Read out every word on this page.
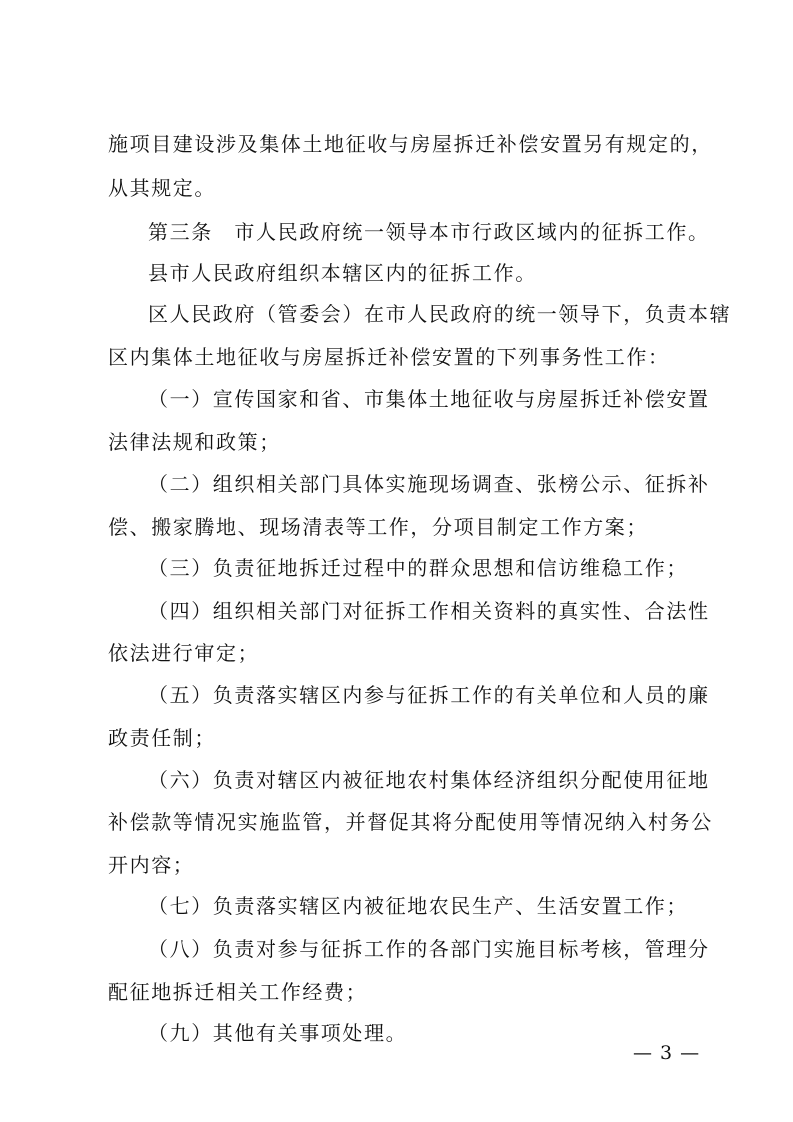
施项目建设涉及集体土地征收与房屋拆迁补偿安置另有规定的，
从其规定。
第三条　市人民政府统一领导本市行政区域内的征拆工作。
县市人民政府组织本辖区内的征拆工作。
区人民政府（管委会）在市人民政府的统一领导下，负责本辖
区内集体土地征收与房屋拆迁补偿安置的下列事务性工作：
（一）宣传国家和省、市集体土地征收与房屋拆迁补偿安置
法律法规和政策；
（二）组织相关部门具体实施现场调查、张榜公示、征拆补
偿、搬家腾地、现场清表等工作，分项目制定工作方案；
（三）负责征地拆迁过程中的群众思想和信访维稳工作；
（四）组织相关部门对征拆工作相关资料的真实性、合法性
依法进行审定；
（五）负责落实辖区内参与征拆工作的有关单位和人员的廉
政责任制；
（六）负责对辖区内被征地农村集体经济组织分配使用征地
补偿款等情况实施监管，并督促其将分配使用等情况纳入村务公
开内容；
（七）负责落实辖区内被征地农民生产、生活安置工作；
（八）负责对参与征拆工作的各部门实施目标考核，管理分
配征地拆迁相关工作经费；
（九）其他有关事项处理。
— 3 —
